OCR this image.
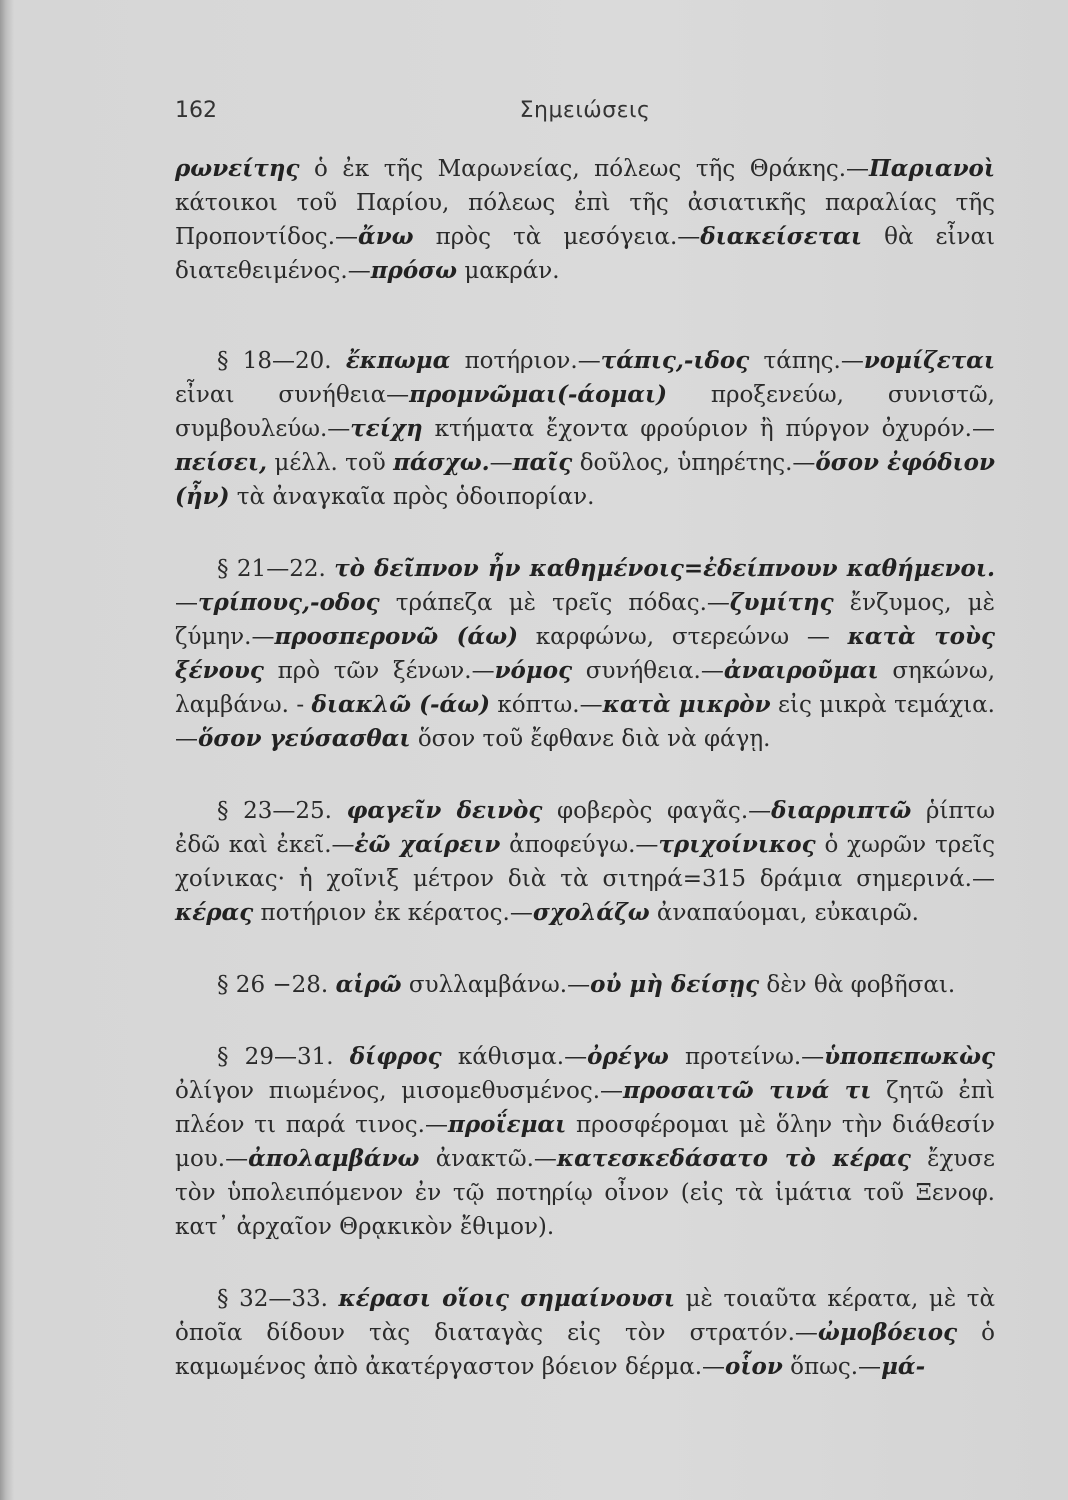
162	Σημειώσεις

ρωνείτης ὁ ἐκ τῆς Μαρωνείας, πόλεως τῆς Θράκης.—Παριανοὶ κάτοικοι τοῦ Παρίου, πόλεως ἐπὶ τῆς ἀσιατικῆς παραλίας τῆς Προποντίδος.—ἄνω πρὸς τὰ μεσόγεια.—διακείσεται θὰ εἶναι διατεθειμένος.—πρόσω μακράν.

§ 18—20. ἔκπωμα ποτήριον.—τάπις,-ιδος τάπης.—νομίζεται εἶναι συνήθεια—προμνῶμαι(-άομαι) προξενεύω, συνιστῶ, συμβουλεύω.—τείχη κτήματα ἔχοντα φρούριον ἢ πύργον ὀχυρόν.—πείσει, μέλλ. τοῦ πάσχω.—παῖς δοῦλος, ὑπηρέτης.—ὅσον ἐφόδιον (ἦν) τὰ ἀναγκαῖα πρὸς ὁδοιπορίαν.

§ 21—22. τὸ δεῖπνον ἦν καθημένοις=ἐδείπνουν καθήμενοι.—τρίπους,-οδος τράπεζα μὲ τρεῖς πόδας.—ζυμίτης ἔνζυμος, μὲ ζύμην.—προσπερονῶ (άω) καρφώνω, στερεώνω — κατὰ τοὺς ξένους πρὸ τῶν ξένων.—νόμος συνήθεια.—ἀναιροῦμαι σηκώνω, λαμβάνω. - διακλῶ (-άω) κόπτω.—κατὰ μικρὸν εἰς μικρὰ τεμάχια.—ὅσον γεύσασθαι ὅσον τοῦ ἔφθανε διὰ νὰ φάγῃ.

§ 23—25. φαγεῖν δεινὸς φοβερὸς φαγᾶς.—διαρριπτῶ ῥίπτω ἐδῶ καὶ ἐκεῖ.—ἐῶ χαίρειν ἀποφεύγω.—τριχοίνικος ὁ χωρῶν τρεῖς χοίνικας· ἡ χοῖνιξ μέτρον διὰ τὰ σιτηρά=315 δράμια σημερινά.—κέρας ποτήριον ἐκ κέρατος.—σχολάζω ἀναπαύομαι, εὐκαιρῶ.

§ 26 −28. αἱρῶ συλλαμβάνω.—οὐ μὴ δείσῃς δὲν θὰ φοβῆσαι.

§ 29—31. δίφρος κάθισμα.—ὀρέγω προτείνω.—ὑποπεπωκὼς ὀλίγον πιωμένος, μισομεθυσμένος.—προσαιτῶ τινά τι ζητῶ ἐπὶ πλέον τι παρά τινος.—προΐεμαι προσφέρομαι μὲ ὅλην τὴν διάθεσίν μου.—ἀπολαμβάνω ἀνακτῶ.—κατεσκεδάσατο τὸ κέρας ἔχυσε τὸν ὑπολειπόμενον ἐν τῷ ποτηρίῳ οἶνον (εἰς τὰ ἱμάτια τοῦ Ξενοφ. κατ᾽ ἀρχαῖον Θρᾳκικὸν ἔθιμον).

§ 32—33. κέρασι οἵοις σημαίνουσι μὲ τοιαῦτα κέρατα, μὲ τὰ ὁποῖα δίδουν τὰς διαταγὰς εἰς τὸν στρατόν.—ὠμοβόειος ὁ καμωμένος ἀπὸ ἀκατέργαστον βόειον δέρμα.—οἷον ὅπως.—μά-
